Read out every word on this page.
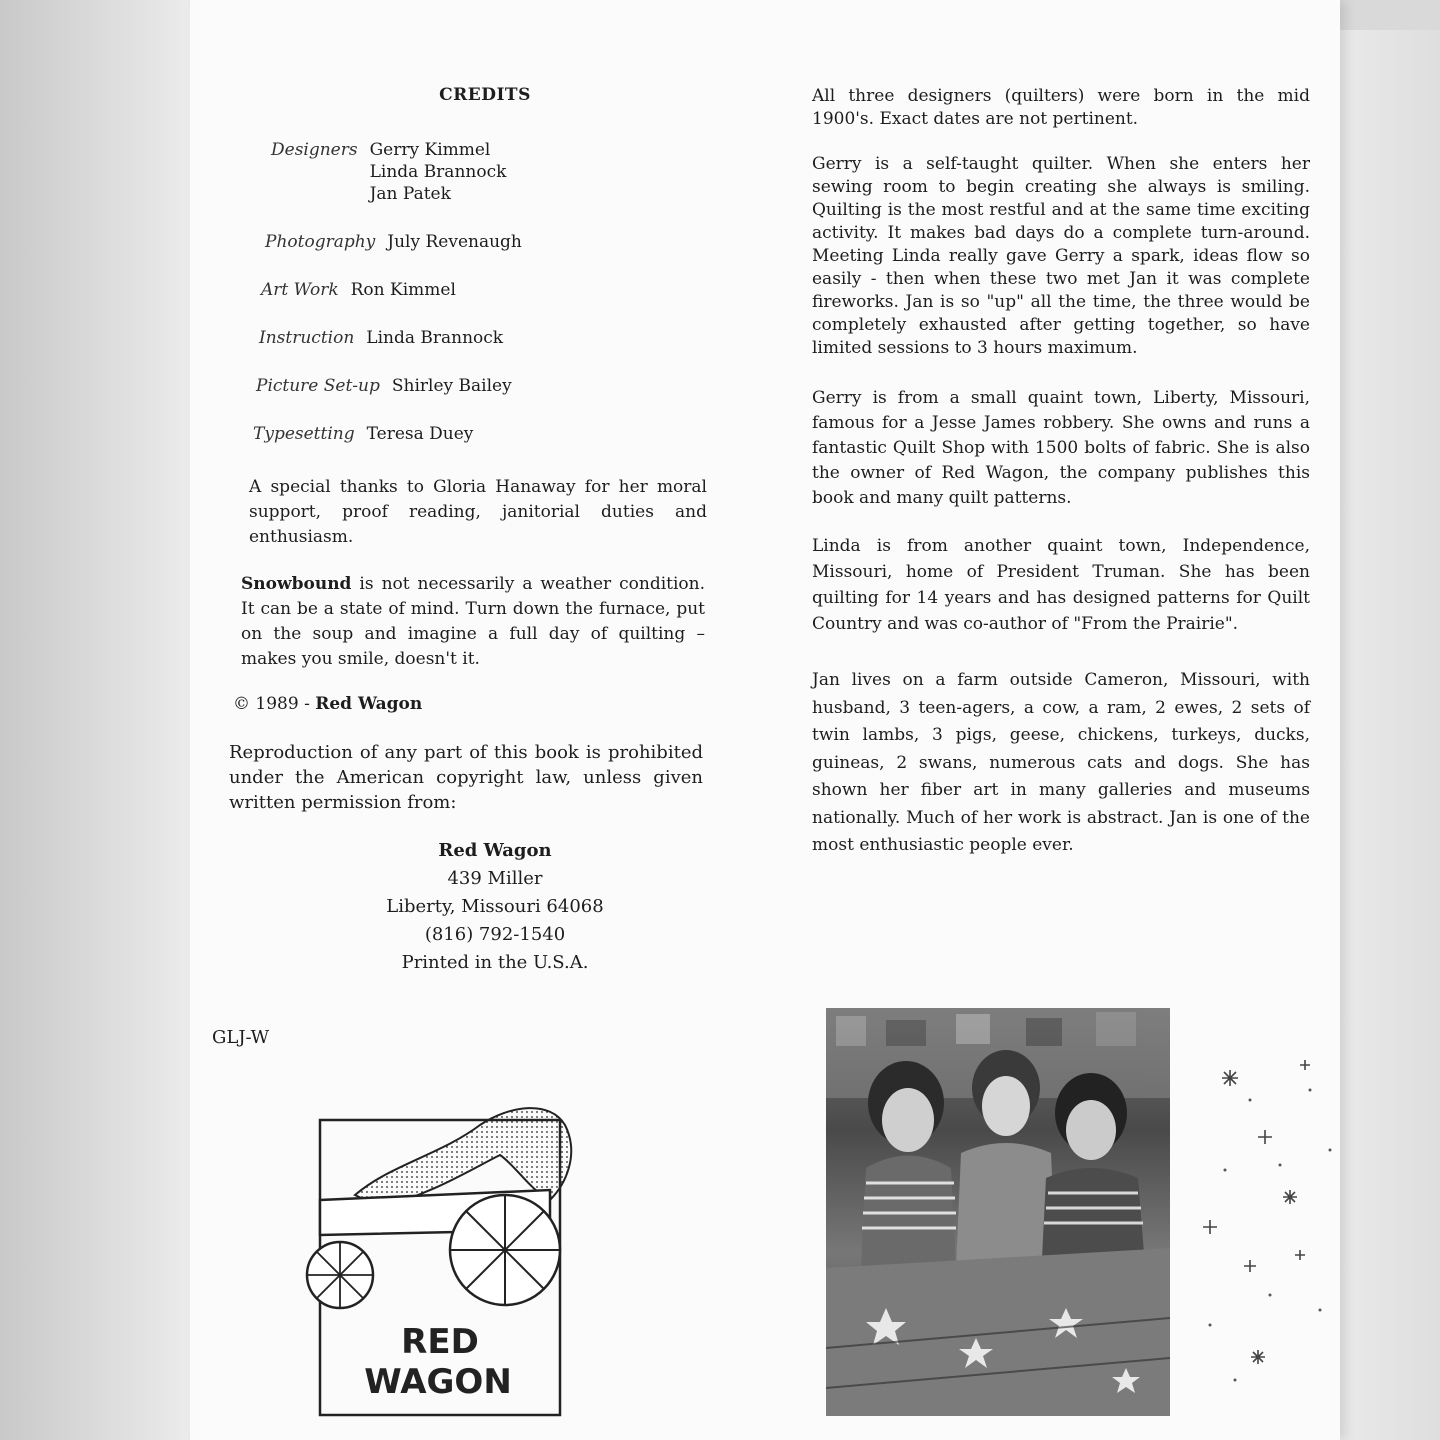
CREDITS
Designers Gerry Kimmel
Linda Brannock
Jan Patek
Photography July Revenaugh
Art Work Ron Kimmel
Instruction Linda Brannock
Picture Set-up Shirley Bailey
Typesetting Teresa Duey

A special thanks to Gloria Hanaway for her moral support, proof reading, janitorial duties and enthusiasm.

Snowbound is not necessarily a weather condition. It can be a state of mind. Turn down the furnace, put on the soup and imagine a full day of quilting – makes you smile, doesn't it.

© 1989 - Red Wagon

Reproduction of any part of this book is prohibited under the American copyright law, unless given written permission from:

Red Wagon
439 Miller
Liberty, Missouri 64068
(816) 792-1540
Printed in the U.S.A.
GLJ-W
RED
WAGON

All three designers (quilters) were born in the mid 1900's. Exact dates are not pertinent.

Gerry is a self-taught quilter. When she enters her sewing room to begin creating she always is smiling. Quilting is the most restful and at the same time exciting activity. It makes bad days do a complete turn-around. Meeting Linda really gave Gerry a spark, ideas flow so easily - then when these two met Jan it was complete fireworks. Jan is so "up" all the time, the three would be completely exhausted after getting together, so have limited sessions to 3 hours maximum.

Gerry is from a small quaint town, Liberty, Missouri, famous for a Jesse James robbery. She owns and runs a fantastic Quilt Shop with 1500 bolts of fabric. She is also the owner of Red Wagon, the company publishes this book and many quilt patterns.

Linda is from another quaint town, Independence, Missouri, home of President Truman. She has been quilting for 14 years and has designed patterns for Quilt Country and was co-author of "From the Prairie".

Jan lives on a farm outside Cameron, Missouri, with husband, 3 teen-agers, a cow, a ram, 2 ewes, 2 sets of twin lambs, 3 pigs, geese, chickens, turkeys, ducks, guineas, 2 swans, numerous cats and dogs. She has shown her fiber art in many galleries and museums nationally. Much of her work is abstract. Jan is one of the most enthusiastic people ever.
